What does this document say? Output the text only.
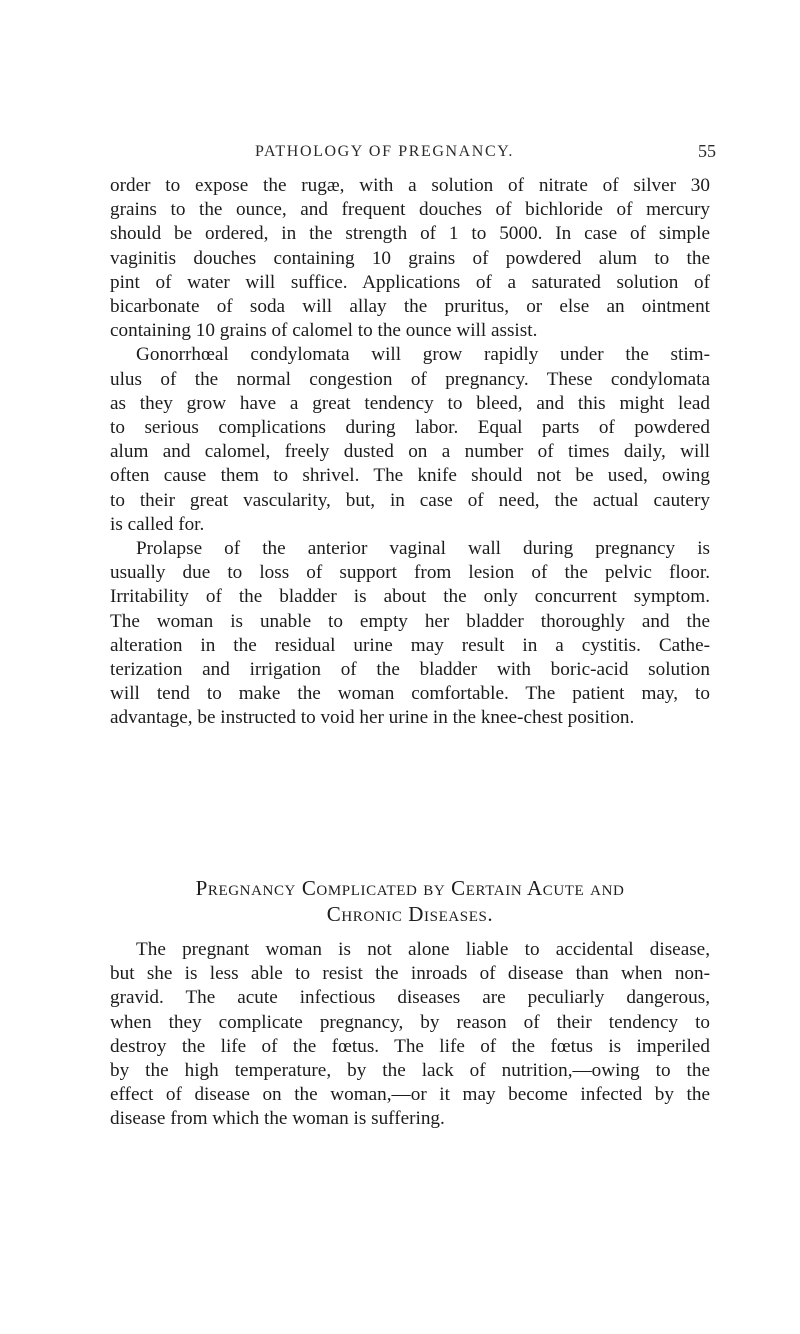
PATHOLOGY OF PREGNANCY.	55
order to expose the rugæ, with a solution of nitrate of silver 30
grains to the ounce, and frequent douches of bichloride of mercury
should be ordered, in the strength of 1 to 5000. In case of simple
vaginitis douches containing 10 grains of powdered alum to the
pint of water will suffice. Applications of a saturated solution of
bicarbonate of soda will allay the pruritus, or else an ointment
containing 10 grains of calomel to the ounce will assist.
Gonorrhœal condylomata will grow rapidly under the stim-
ulus of the normal congestion of pregnancy. These condylomata
as they grow have a great tendency to bleed, and this might lead
to serious complications during labor. Equal parts of powdered
alum and calomel, freely dusted on a number of times daily, will
often cause them to shrivel. The knife should not be used, owing
to their great vascularity, but, in case of need, the actual cautery
is called for.
Prolapse of the anterior vaginal wall during pregnancy is
usually due to loss of support from lesion of the pelvic floor.
Irritability of the bladder is about the only concurrent symptom.
The woman is unable to empty her bladder thoroughly and the
alteration in the residual urine may result in a cystitis. Cathe-
terization and irrigation of the bladder with boric-acid solution
will tend to make the woman comfortable. The patient may, to
advantage, be instructed to void her urine in the knee-chest position.
Pregnancy Complicated by Certain Acute and
Chronic Diseases.
The pregnant woman is not alone liable to accidental disease,
but she is less able to resist the inroads of disease than when non-
gravid. The acute infectious diseases are peculiarly dangerous,
when they complicate pregnancy, by reason of their tendency to
destroy the life of the fœtus. The life of the fœtus is imperiled
by the high temperature, by the lack of nutrition,—owing to the
effect of disease on the woman,—or it may become infected by the
disease from which the woman is suffering.
